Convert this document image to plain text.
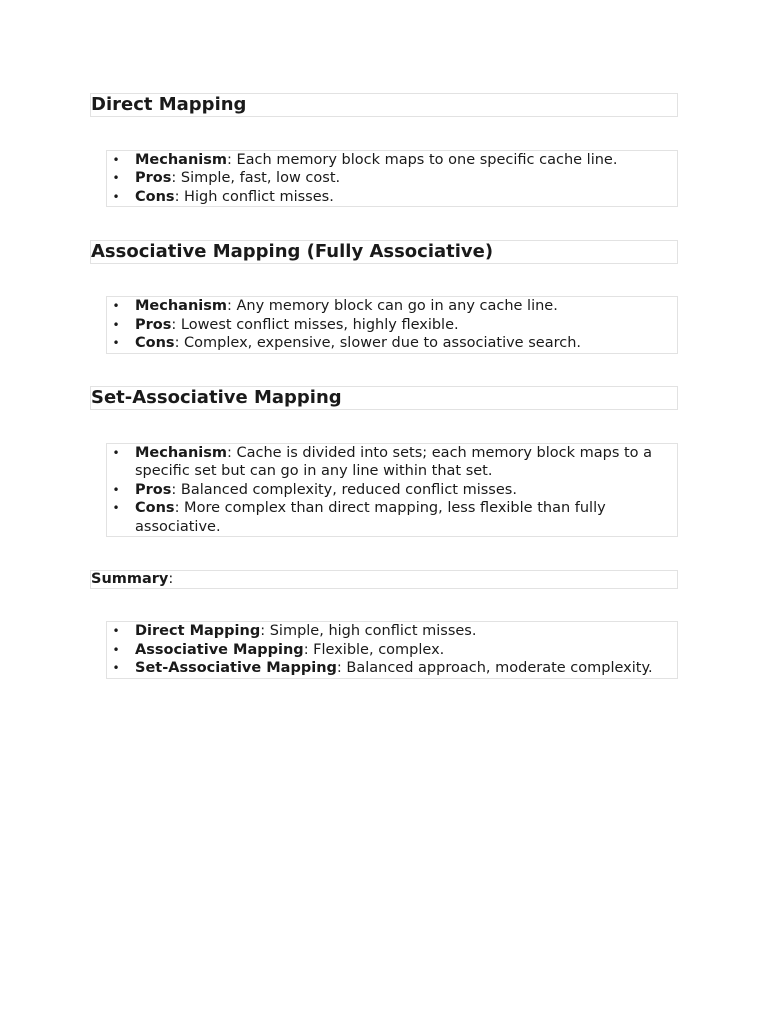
Direct Mapping
• Mechanism: Each memory block maps to one specific cache line.
• Pros: Simple, fast, low cost.
• Cons: High conflict misses.
Associative Mapping (Fully Associative)
• Mechanism: Any memory block can go in any cache line.
• Pros: Lowest conflict misses, highly flexible.
• Cons: Complex, expensive, slower due to associative search.
Set-Associative Mapping
• Mechanism: Cache is divided into sets; each memory block maps to a specific set but can go in any line within that set.
• Pros: Balanced complexity, reduced conflict misses.
• Cons: More complex than direct mapping, less flexible than fully associative.
Summary:
• Direct Mapping: Simple, high conflict misses.
• Associative Mapping: Flexible, complex.
• Set-Associative Mapping: Balanced approach, moderate complexity.
